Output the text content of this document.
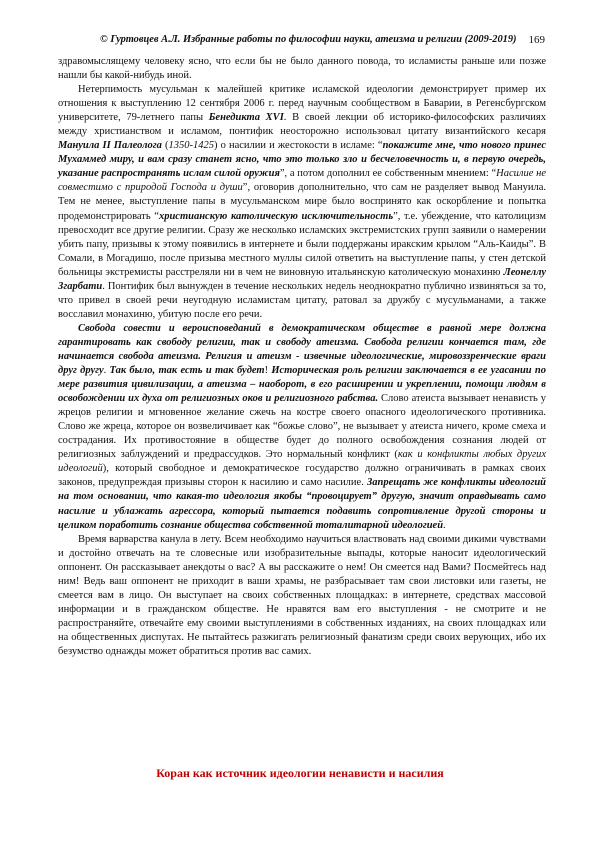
© Гуртовцев А.Л. Избранные работы по философии науки, атеизма и религии (2009-2019) 169

здравомыслящему человеку ясно, что если бы не было данного повода, то исламисты раньше или позже нашли бы какой-нибудь иной.

Нетерпимость мусульман к малейшей критике исламской идеологии демонстрирует пример их отношения к выступлению 12 сентября 2006 г. перед научным сообществом в Баварии, в Регенсбургском университете, 79-летнего папы Бенедикта XVI. В своей лекции об историко-философских различиях между христианством и исламом, понтифик неосторожно использовал цитату византийского кесаря Мануила II Палеолога (1350-1425) о насилии и жестокости в исламе: “покажите мне, что нового принес Мухаммед миру, и вам сразу станет ясно, что это только зло и бесчеловечность и, в первую очередь, указание распространять ислам силой оружия”, а потом дополнил ее собственным мнением: “Насилие не совместимо с природой Господа и души”, оговорив дополнительно, что сам не разделяет вывод Мануила. Тем не менее, выступление папы в мусульманском мире было воспринято как оскорбление и попытка продемонстрировать “христианскую католическую исключительность”, т.е. убеждение, что католицизм превосходит все другие религии. Сразу же несколько исламских экстремистских групп заявили о намерении убить папу, призывы к этому появились в интернете и были поддержаны иракским крылом “Аль-Каиды”. В Сомали, в Могадишо, после призыва местного муллы силой ответить на выступление папы, у стен детской больницы экстремисты расстреляли ни в чем не виновную итальянскую католическую монахиню Леонеллу Згарбати. Понтифик был вынужден в течение нескольких недель неоднократно публично извиняться за то, что привел в своей речи неугодную исламистам цитату, ратовал за дружбу с мусульманами, а также восславил монахиню, убитую после его речи.

Свобода совести и вероисповеданий в демократическом обществе в равной мере должна гарантировать как свободу религии, так и свободу атеизма. Свобода религии кончается там, где начинается свобода атеизма. Религия и атеизм - извечные идеологические, мировоззренческие враги друг другу. Так было, так есть и так будет! Историческая роль религии заключается в ее угасании по мере развития цивилизации, а атеизма – наоборот, в его расширении и укреплении, помощи людям в освобождении их духа от религиозных оков и религиозного рабства. Слово атеиста вызывает ненависть у жрецов религии и мгновенное желание сжечь на костре своего опасного идеологического противника. Слово же жреца, которое он возвеличивает как “божье слово”, не вызывает у атеиста ничего, кроме смеха и сострадания. Их противостояние в обществе будет до полного освобождения сознания людей от религиозных заблуждений и предрассудков. Это нормальный конфликт (как и конфликты любых других идеологий), который свободное и демократическое государство должно ограничивать в рамках своих законов, предупреждая призывы сторон к насилию и само насилие. Запрещать же конфликты идеологий на том основании, что какая-то идеология якобы “провоцирует” другую, значит оправдывать само насилие и ублажать агрессора, который пытается подавить сопротивление другой стороны и целиком поработить сознание общества собственной тоталитарной идеологией.

Время варварства канула в лету. Всем необходимо научиться властвовать над своими дикими чувствами и достойно отвечать на те словесные или изобразительные выпады, которые наносит идеологический оппонент. Он рассказывает анекдоты о вас? А вы расскажите о нем! Он смеется над Вами? Посмейтесь над ним! Ведь ваш оппонент не приходит в ваши храмы, не разбрасывает там свои листовки или газеты, не смеется вам в лицо. Он выступает на своих собственных площадках: в интернете, средствах массовой информации и в гражданском обществе. Не нравятся вам его выступления - не смотрите и не распространяйте, отвечайте ему своими выступлениями в собственных изданиях, на своих площадках или на общественных диспутах. Не пытайтесь разжигать религиозный фанатизм среди своих верующих, ибо их безумство однажды может обратиться против вас самих.

Коран как источник идеологии ненависти и насилия
